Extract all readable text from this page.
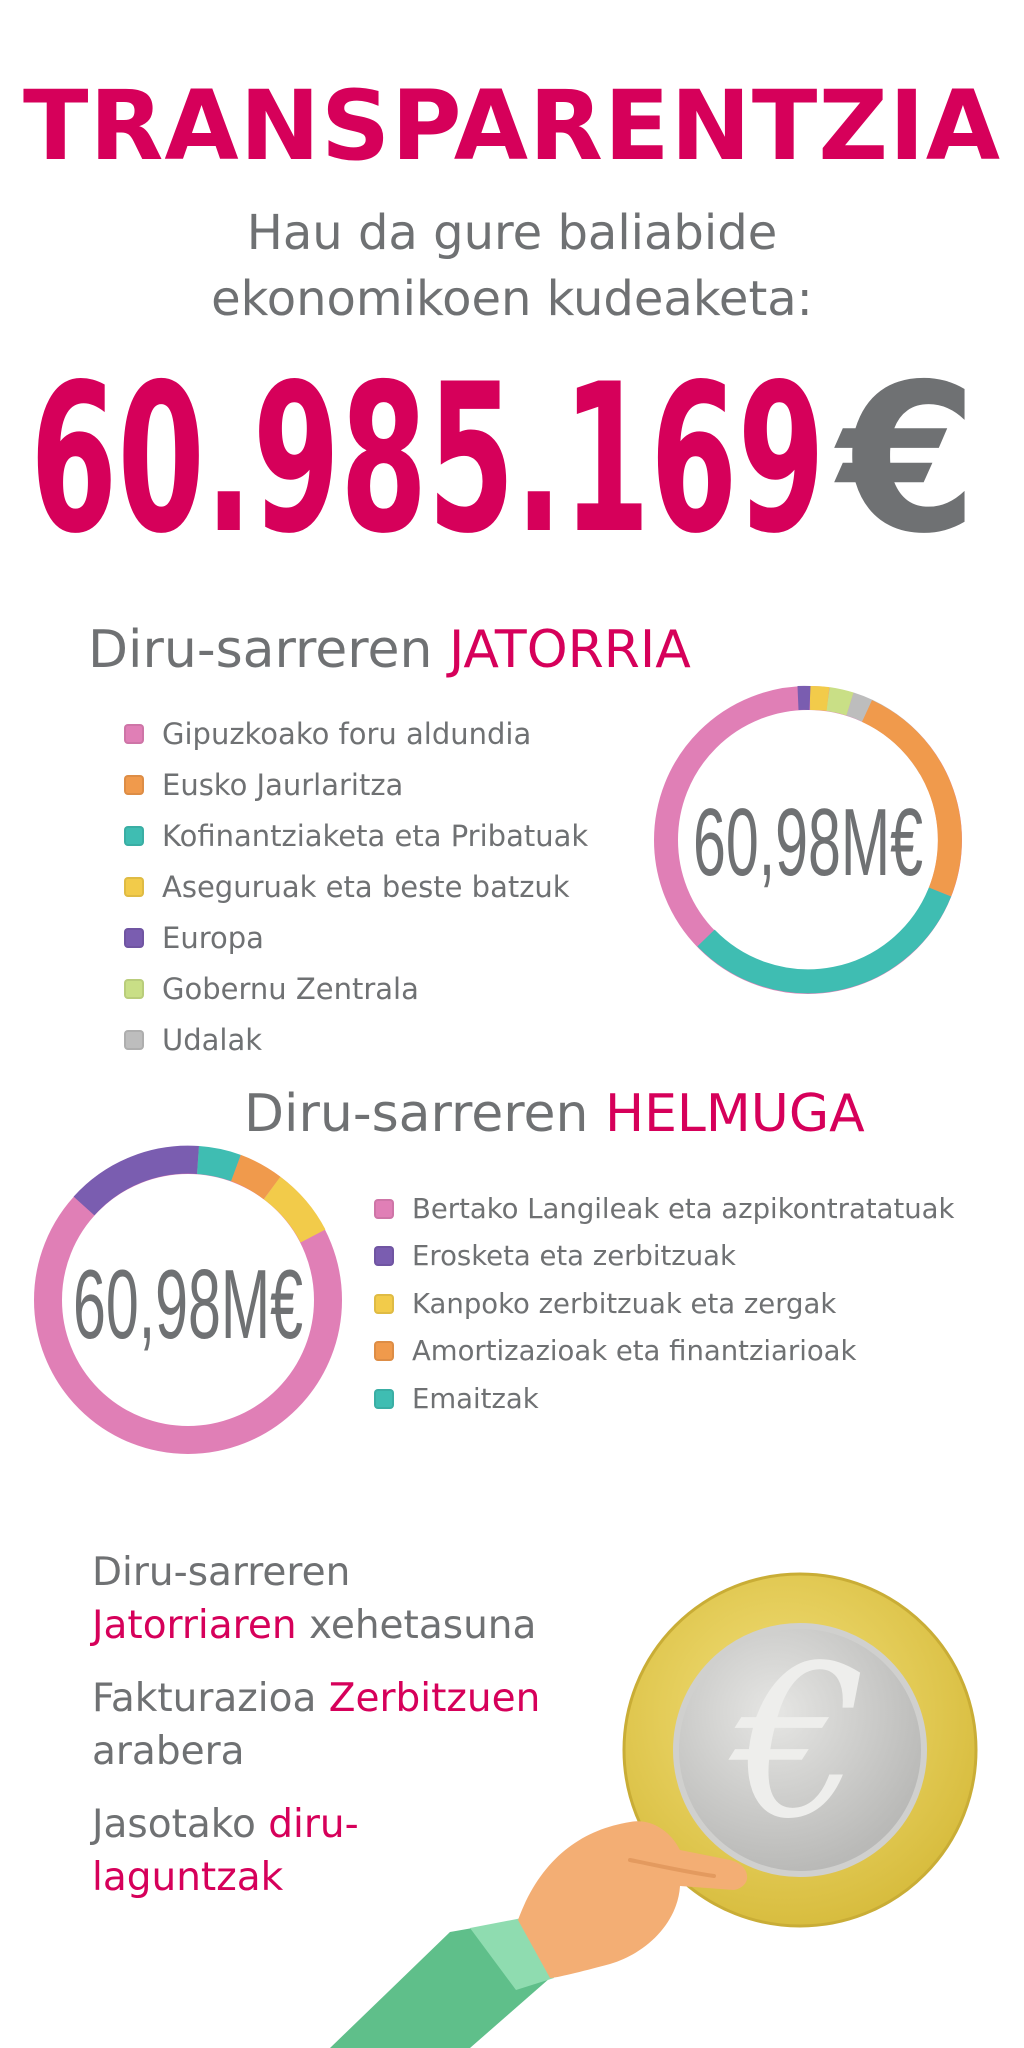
TRANSPARENTZIA
Hau da gure baliabide
ekonomikoen kudeaketa:
60.985.169 €
Diru-sarreren JATORRIA
Gipuzkoako foru aldundia
Eusko Jaurlaritza
Kofinantziaketa eta Pribatuak
Aseguruak eta beste batzuk
Europa
Gobernu Zentrala
Udalak
60,98M€
Diru-sarreren HELMUGA
60,98M€
Bertako Langileak eta azpikontratatuak
Erosketa eta zerbitzuak
Kanpoko zerbitzuak eta zergak
Amortizazioak eta finantziarioak
Emaitzak

Diru-sarreren
Jatorriaren xehetasuna

Fakturazioa Zerbitzuen
arabera

Jasotako diru-
laguntzak

€
